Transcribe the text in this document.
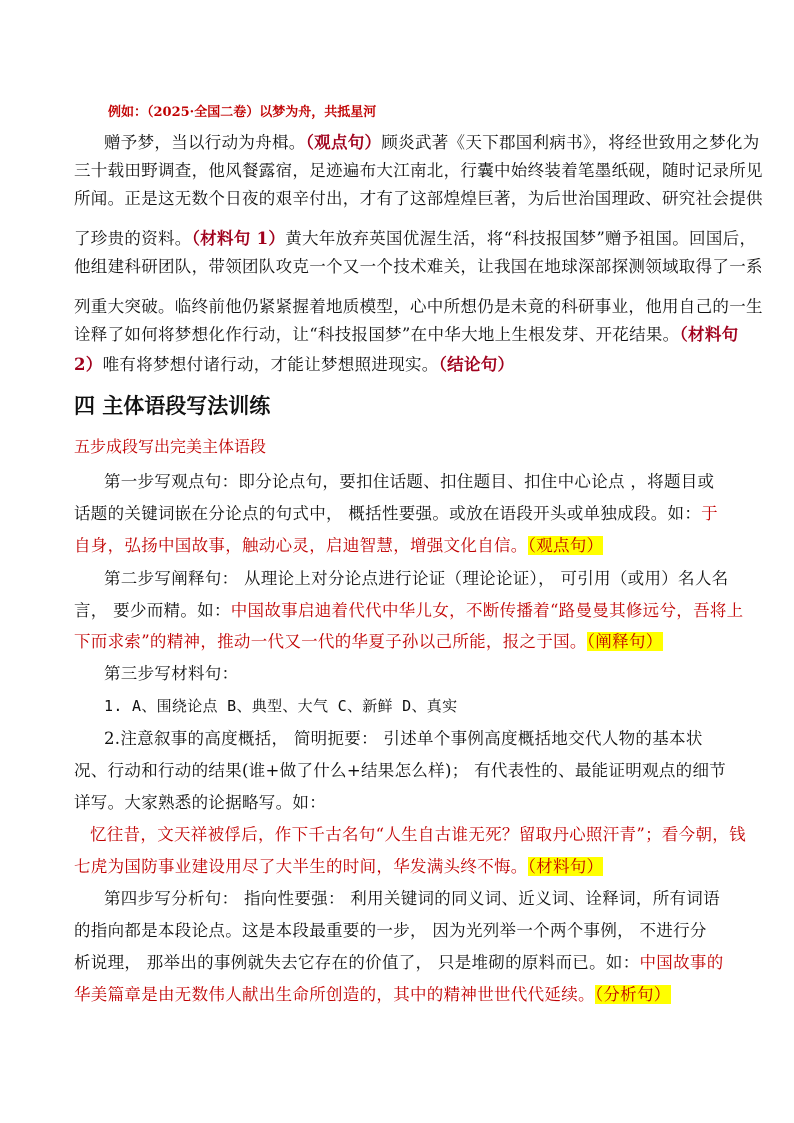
例如：（2025·全国二卷）以梦为舟，共抵星河
赠予梦，当以行动为舟楫。（观点句）顾炎武著《天下郡国利病书》，将经世致用之梦化为
三十载田野调查，他风餐露宿，足迹遍布大江南北，行囊中始终装着笔墨纸砚，随时记录所见
所闻。正是这无数个日夜的艰辛付出，才有了这部煌煌巨著，为后世治国理政、研究社会提供
了珍贵的资料。（材料句 1）黄大年放弃英国优渥生活，将“科技报国梦”赠予祖国。回国后，
他组建科研团队，带领团队攻克一个又一个技术难关，让我国在地球深部探测领域取得了一系
列重大突破。临终前他仍紧紧握着地质模型，心中所想仍是未竟的科研事业，他用自己的一生
诠释了如何将梦想化作行动，让“科技报国梦”在中华大地上生根发芽、开花结果。（材料句
2）唯有将梦想付诸行动，才能让梦想照进现实。（结论句）
四 主体语段写法训练
五步成段写出完美主体语段
第一步写观点句：即分论点句，要扣住话题、扣住题目、扣住中心论点 ，将题目或
话题的关键词嵌在分论点的句式中， 概括性要强。或放在语段开头或单独成段。如：于
自身，弘扬中国故事，触动心灵，启迪智慧，增强文化自信。（观点句）
第二步写阐释句： 从理论上对分论点进行论证（理论论证）， 可引用（或用）名人名
言， 要少而精。如：中国故事启迪着代代中华儿女，不断传播着“路曼曼其修远兮，吾将上
下而求索”的精神，推动一代又一代的华夏子孙以己所能，报之于国。（阐释句）
第三步写材料句：
1. A、围绕论点 B、典型、大气 C、新鲜 D、真实
2.注意叙事的高度概括， 简明扼要： 引述单个事例高度概括地交代人物的基本状
况、行动和行动的结果(谁+做了什么+结果怎么样)； 有代表性的、最能证明观点的细节
详写。大家熟悉的论据略写。如：
忆往昔，文天祥被俘后，作下千古名句“人生自古谁无死？留取丹心照汗青”；看今朝，钱
七虎为国防事业建设用尽了大半生的时间，华发满头终不悔。（材料句）
第四步写分析句： 指向性要强： 利用关键词的同义词、近义词、诠释词，所有词语
的指向都是本段论点。这是本段最重要的一步， 因为光列举一个两个事例， 不进行分
析说理， 那举出的事例就失去它存在的价值了， 只是堆砌的原料而已。如：中国故事的
华美篇章是由无数伟人献出生命所创造的，其中的精神世世代代延续。（分析句）
